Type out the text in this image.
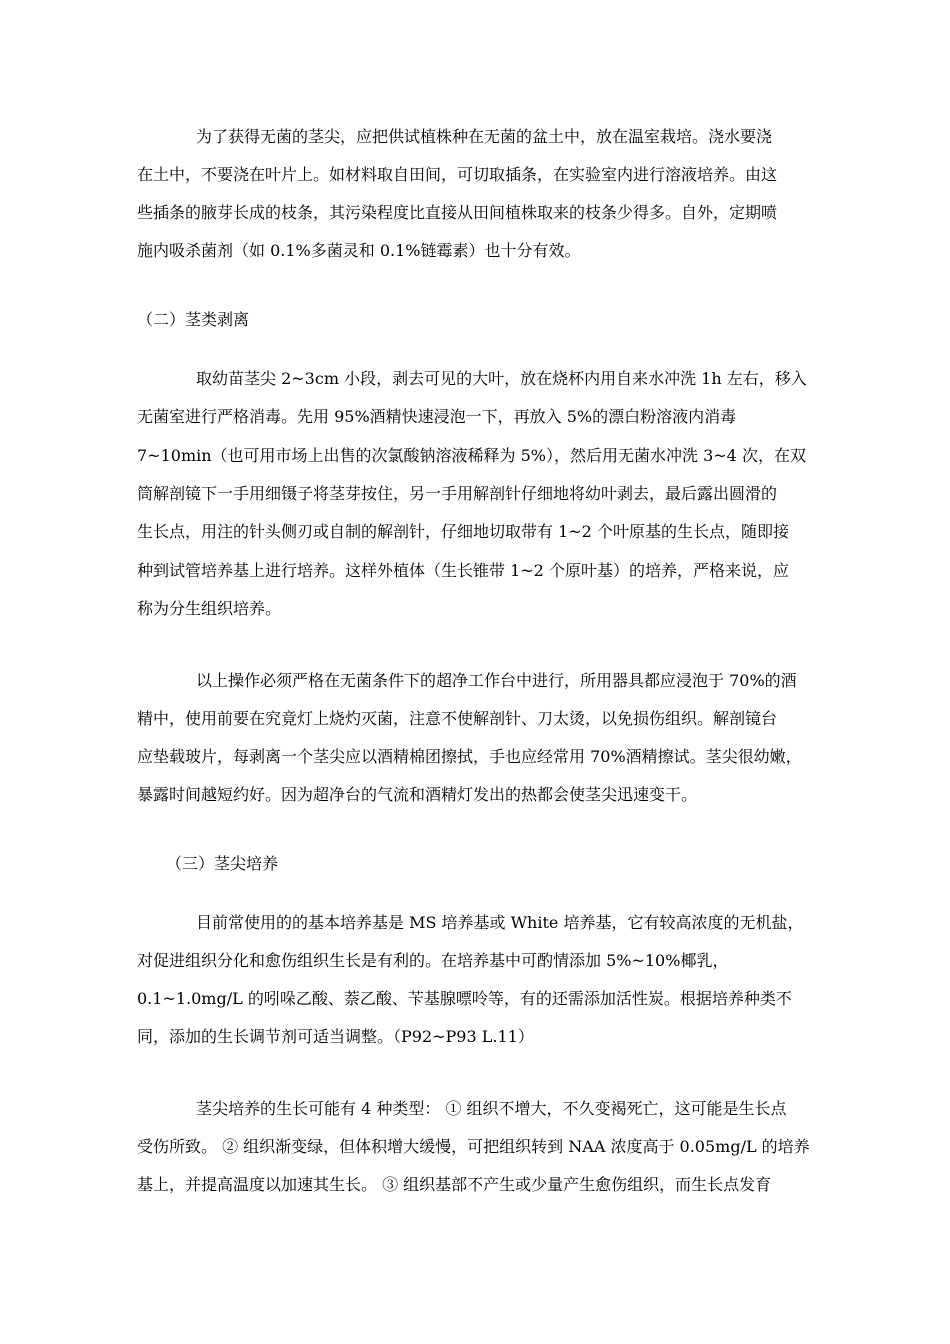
为了获得无菌的茎尖，应把供试植株种在无菌的盆土中，放在温室栽培。浇水要浇

在土中，不要浇在叶片上。如材料取自田间，可切取插条，在实验室内进行溶液培养。由这

些插条的腋芽长成的枝条，其污染程度比直接从田间植株取来的枝条少得多。自外，定期喷

施内吸杀菌剂（如 0.1%多菌灵和 0.1%链霉素）也十分有效。

（二）茎类剥离

取幼苗茎尖 2~3cm 小段，剥去可见的大叶，放在烧杯内用自来水冲洗 1h 左右，移入

无菌室进行严格消毒。先用 95%酒精快速浸泡一下，再放入 5%的漂白粉溶液内消毒

7~10min（也可用市场上出售的次氯酸钠溶液稀释为 5%），然后用无菌水冲洗 3~4 次，在双

筒解剖镜下一手用细镊子将茎芽按住，另一手用解剖针仔细地将幼叶剥去，最后露出圆滑的

生长点，用注的针头侧刃或自制的解剖针，仔细地切取带有 1~2 个叶原基的生长点，随即接

种到试管培养基上进行培养。这样外植体（生长锥带 1~2 个原叶基）的培养，严格来说，应

称为分生组织培养。

以上操作必须严格在无菌条件下的超净工作台中进行，所用器具都应浸泡于 70%的酒

精中，使用前要在究竟灯上烧灼灭菌，注意不使解剖针、刀太烫，以免损伤组织。解剖镜台

应垫载玻片，每剥离一个茎尖应以酒精棉团擦拭，手也应经常用 70%酒精擦试。茎尖很幼嫩，

暴露时间越短约好。因为超净台的气流和酒精灯发出的热都会使茎尖迅速变干。

（三）茎尖培养

目前常使用的的基本培养基是 MS 培养基或 White 培养基，它有较高浓度的无机盐，

对促进组织分化和愈伤组织生长是有利的。在培养基中可酌情添加 5%~10%椰乳，

0.1~1.0mg/L 的吲哚乙酸、萘乙酸、苄基腺嘌呤等，有的还需添加活性炭。根据培养种类不

同，添加的生长调节剂可适当调整。（P92~P93 L.11）

茎尖培养的生长可能有 4 种类型： ① 组织不增大，不久变褐死亡，这可能是生长点

受伤所致。 ② 组织渐变绿，但体积增大缓慢，可把组织转到 NAA 浓度高于 0.05mg/L 的培养

基上，并提高温度以加速其生长。 ③ 组织基部不产生或少量产生愈伤组织，而生长点发育
